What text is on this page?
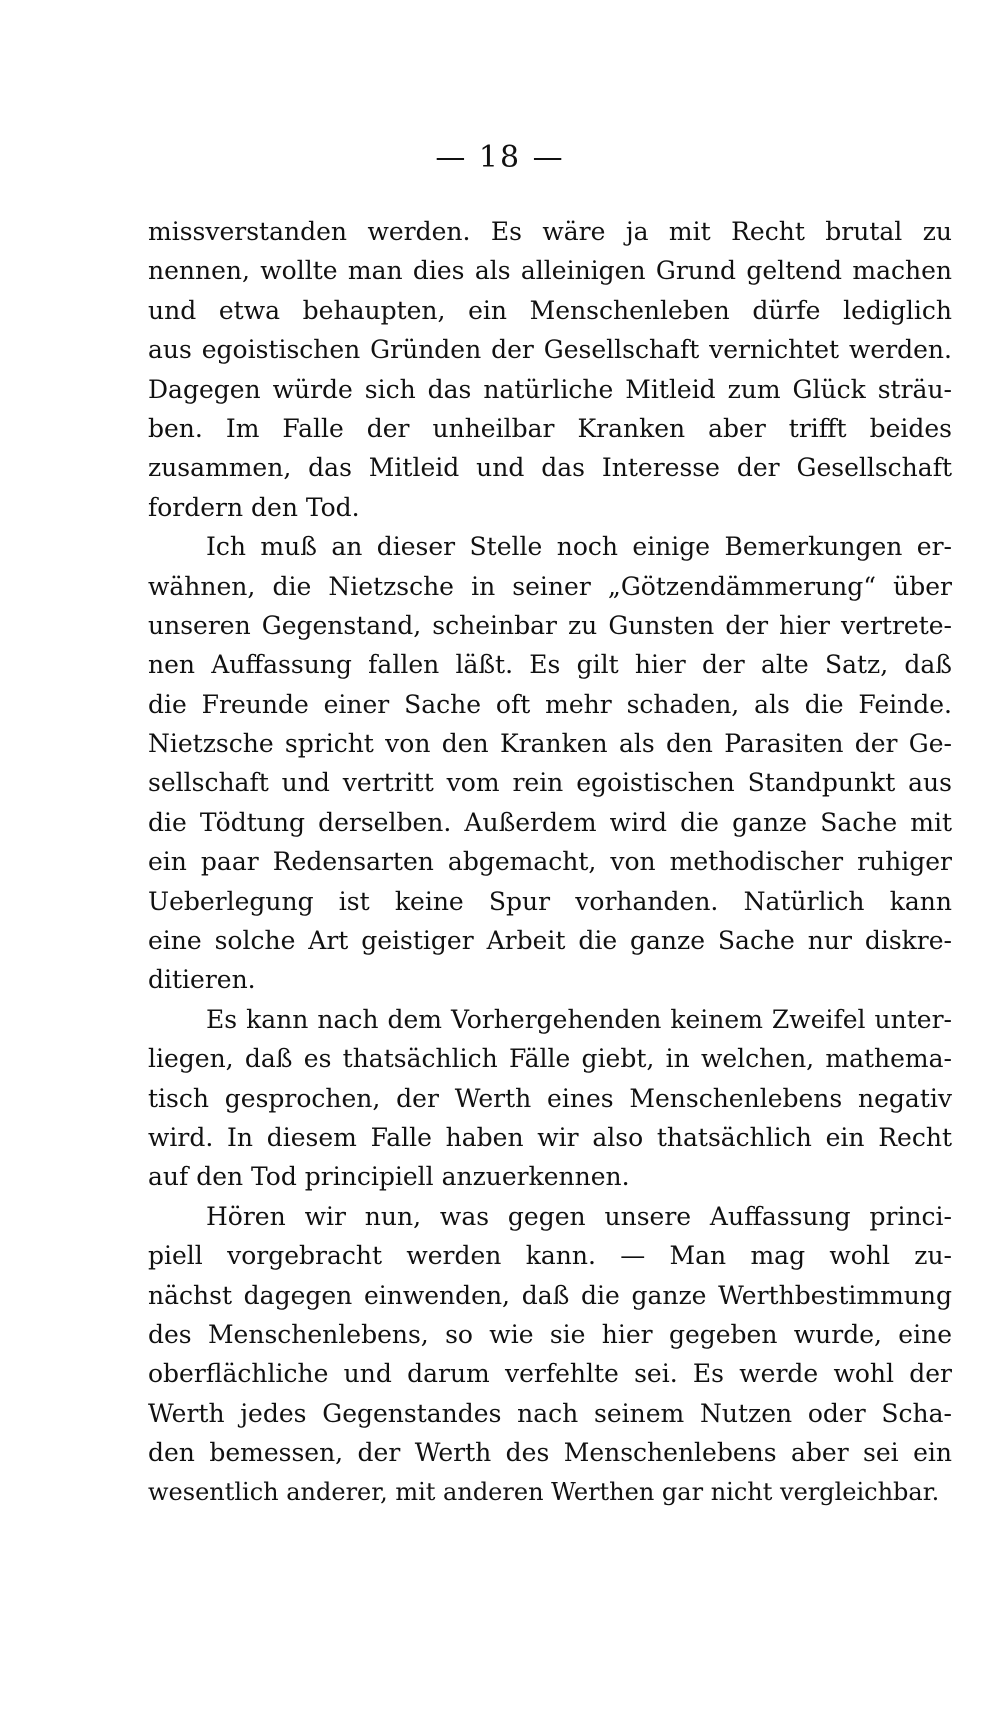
— 18 —
missverstanden werden. Es wäre ja mit Recht brutal zu
nennen, wollte man dies als alleinigen Grund geltend machen
und etwa behaupten, ein Menschenleben dürfe lediglich
aus egoistischen Gründen der Gesellschaft vernichtet werden.
Dagegen würde sich das natürliche Mitleid zum Glück sträu-
ben. Im Falle der unheilbar Kranken aber trifft beides
zusammen, das Mitleid und das Interesse der Gesellschaft
fordern den Tod.
Ich muß an dieser Stelle noch einige Bemerkungen er-
wähnen, die Nietzsche in seiner „Götzendämmerung“ über
unseren Gegenstand, scheinbar zu Gunsten der hier vertrete-
nen Auffassung fallen läßt. Es gilt hier der alte Satz, daß
die Freunde einer Sache oft mehr schaden, als die Feinde.
Nietzsche spricht von den Kranken als den Parasiten der Ge-
sellschaft und vertritt vom rein egoistischen Standpunkt aus
die Tödtung derselben. Außerdem wird die ganze Sache mit
ein paar Redensarten abgemacht, von methodischer ruhiger
Ueberlegung ist keine Spur vorhanden. Natürlich kann
eine solche Art geistiger Arbeit die ganze Sache nur diskre-
ditieren.
Es kann nach dem Vorhergehenden keinem Zweifel unter-
liegen, daß es thatsächlich Fälle giebt, in welchen, mathema-
tisch gesprochen, der Werth eines Menschenlebens negativ
wird. In diesem Falle haben wir also thatsächlich ein Recht
auf den Tod principiell anzuerkennen.
Hören wir nun, was gegen unsere Auffassung princi-
piell vorgebracht werden kann. — Man mag wohl zu-
nächst dagegen einwenden, daß die ganze Werthbestimmung
des Menschenlebens, so wie sie hier gegeben wurde, eine
oberflächliche und darum verfehlte sei. Es werde wohl der
Werth jedes Gegenstandes nach seinem Nutzen oder Scha-
den bemessen, der Werth des Menschenlebens aber sei ein
wesentlich anderer, mit anderen Werthen gar nicht vergleichbar.
